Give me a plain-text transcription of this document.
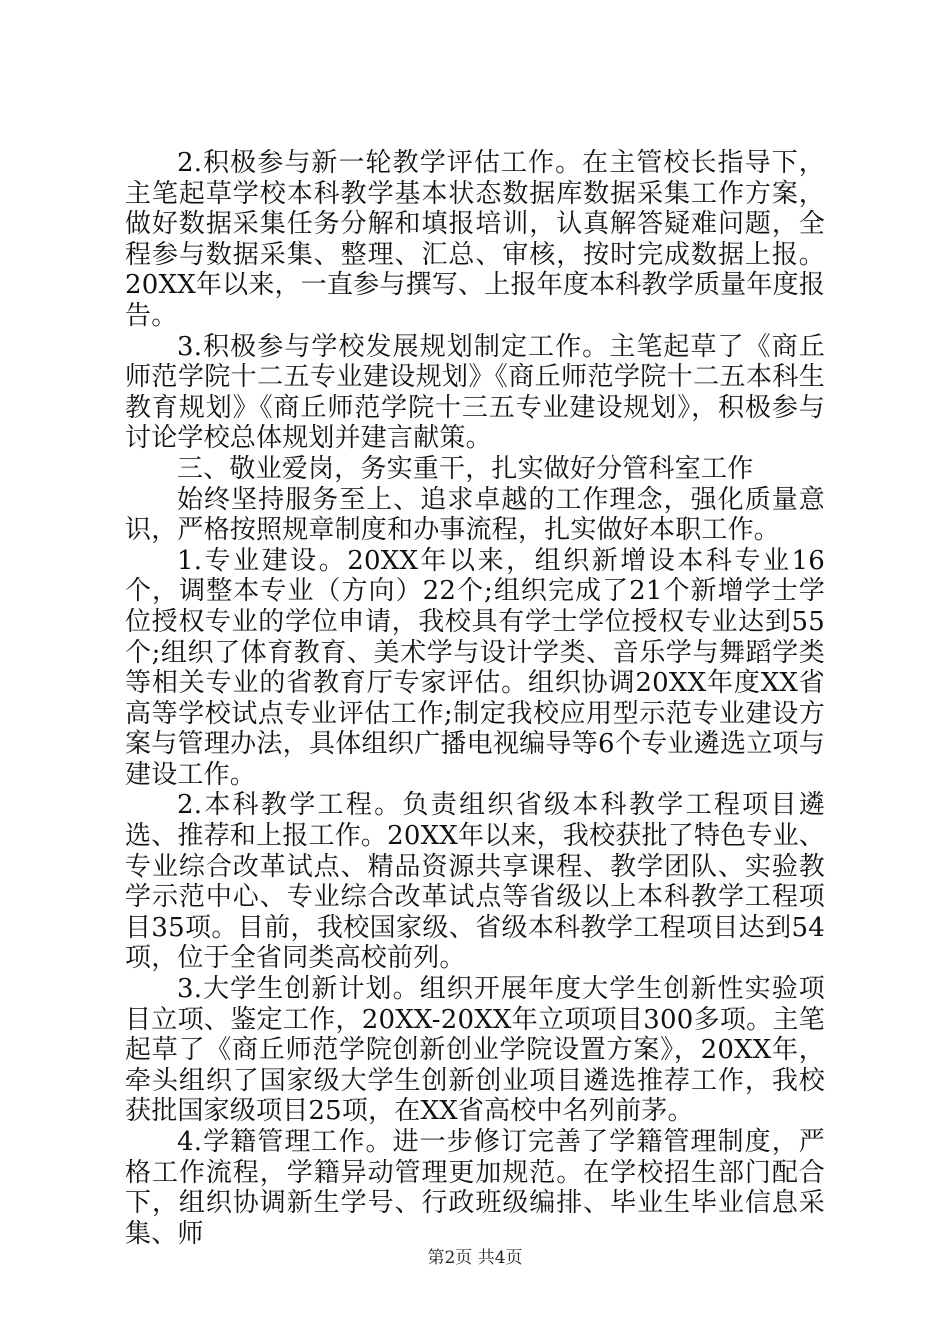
2.积极参与新一轮教学评估工作。在主管校长指导下，主笔起草学校本科教学基本状态数据库数据采集工作方案，做好数据采集任务分解和填报培训，认真解答疑难问题，全程参与数据采集、整理、汇总、审核，按时完成数据上报。20XX年以来，一直参与撰写、上报年度本科教学质量年度报告。

3.积极参与学校发展规划制定工作。主笔起草了《商丘师范学院十二五专业建设规划》《商丘师范学院十二五本科生教育规划》《商丘师范学院十三五专业建设规划》，积极参与讨论学校总体规划并建言献策。

三、敬业爱岗，务实重干，扎实做好分管科室工作

始终坚持服务至上、追求卓越的工作理念，强化质量意识，严格按照规章制度和办事流程，扎实做好本职工作。

1.专业建设。20XX年以来，组织新增设本科专业16个，调整本专业（方向）22个;组织完成了21个新增学士学位授权专业的学位申请，我校具有学士学位授权专业达到55个;组织了体育教育、美术学与设计学类、音乐学与舞蹈学类等相关专业的省教育厅专家评估。组织协调20XX年度XX省高等学校试点专业评估工作;制定我校应用型示范专业建设方案与管理办法，具体组织广播电视编导等6个专业遴选立项与建设工作。

2.本科教学工程。负责组织省级本科教学工程项目遴选、推荐和上报工作。20XX年以来，我校获批了特色专业、专业综合改革试点、精品资源共享课程、教学团队、实验教学示范中心、专业综合改革试点等省级以上本科教学工程项目35项。目前，我校国家级、省级本科教学工程项目达到54项，位于全省同类高校前列。

3.大学生创新计划。组织开展年度大学生创新性实验项目立项、鉴定工作，20XX-20XX年立项项目300多项。主笔起草了《商丘师范学院创新创业学院设置方案》，20XX年，牵头组织了国家级大学生创新创业项目遴选推荐工作，我校获批国家级项目25项，在XX省高校中名列前茅。

4.学籍管理工作。进一步修订完善了学籍管理制度，严格工作流程，学籍异动管理更加规范。在学校招生部门配合下，组织协调新生学号、行政班级编排、毕业生毕业信息采集、师

第2页 共4页
